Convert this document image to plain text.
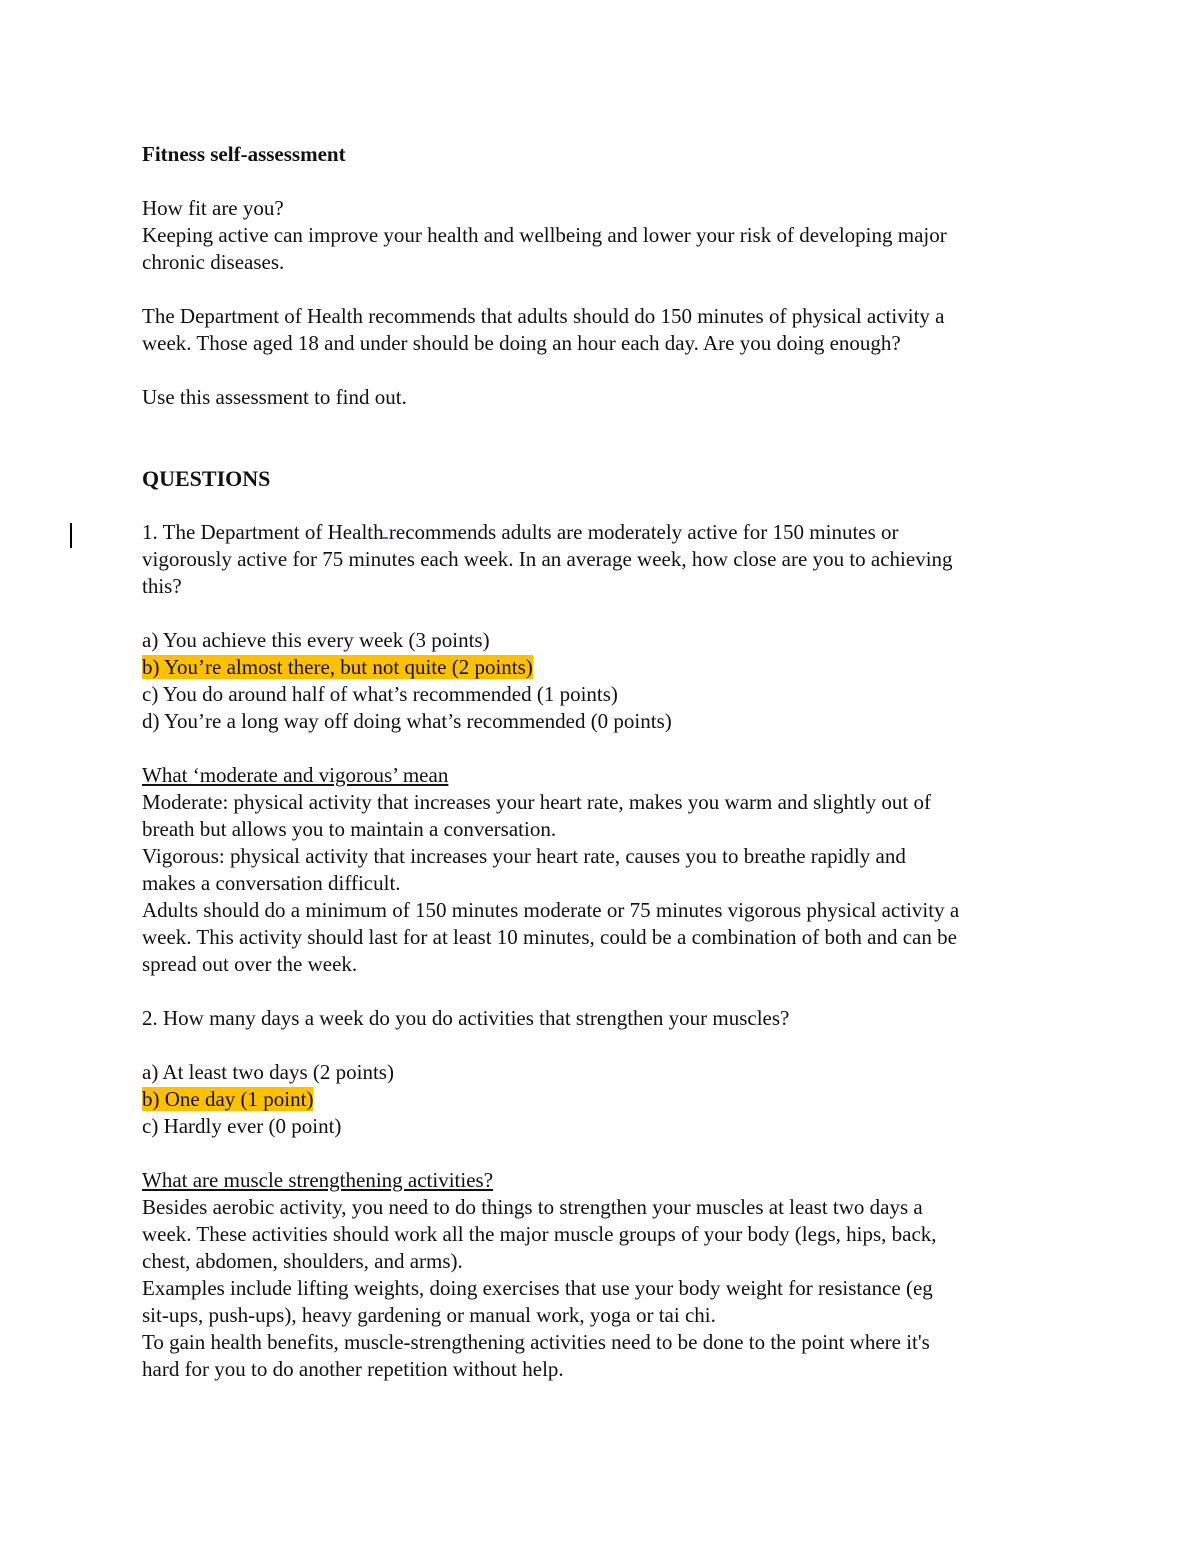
Fitness self-assessment
How fit are you?
Keeping active can improve your health and wellbeing and lower your risk of developing major
chronic diseases.
The Department of Health recommends that adults should do 150 minutes of physical activity a
week. Those aged 18 and under should be doing an hour each day. Are you doing enough?
Use this assessment to find out.
QUESTIONS
1. The Department of Health recommends adults are moderately active for 150 minutes or
vigorously active for 75 minutes each week. In an average week, how close are you to achieving
this?
a) You achieve this every week (3 points)
b) You’re almost there, but not quite (2 points)
c) You do around half of what’s recommended (1 points)
d) You’re a long way off doing what’s recommended (0 points)
What ‘moderate and vigorous’ mean
Moderate: physical activity that increases your heart rate, makes you warm and slightly out of
breath but allows you to maintain a conversation.
Vigorous: physical activity that increases your heart rate, causes you to breathe rapidly and
makes a conversation difficult.
Adults should do a minimum of 150 minutes moderate or 75 minutes vigorous physical activity a
week. This activity should last for at least 10 minutes, could be a combination of both and can be
spread out over the week.
2. How many days a week do you do activities that strengthen your muscles?
a) At least two days (2 points)
b) One day (1 point)
c) Hardly ever (0 point)
What are muscle strengthening activities?
Besides aerobic activity, you need to do things to strengthen your muscles at least two days a
week. These activities should work all the major muscle groups of your body (legs, hips, back,
chest, abdomen, shoulders, and arms).
Examples include lifting weights, doing exercises that use your body weight for resistance (eg
sit-ups, push-ups), heavy gardening or manual work, yoga or tai chi.
To gain health benefits, muscle-strengthening activities need to be done to the point where it's
hard for you to do another repetition without help.
